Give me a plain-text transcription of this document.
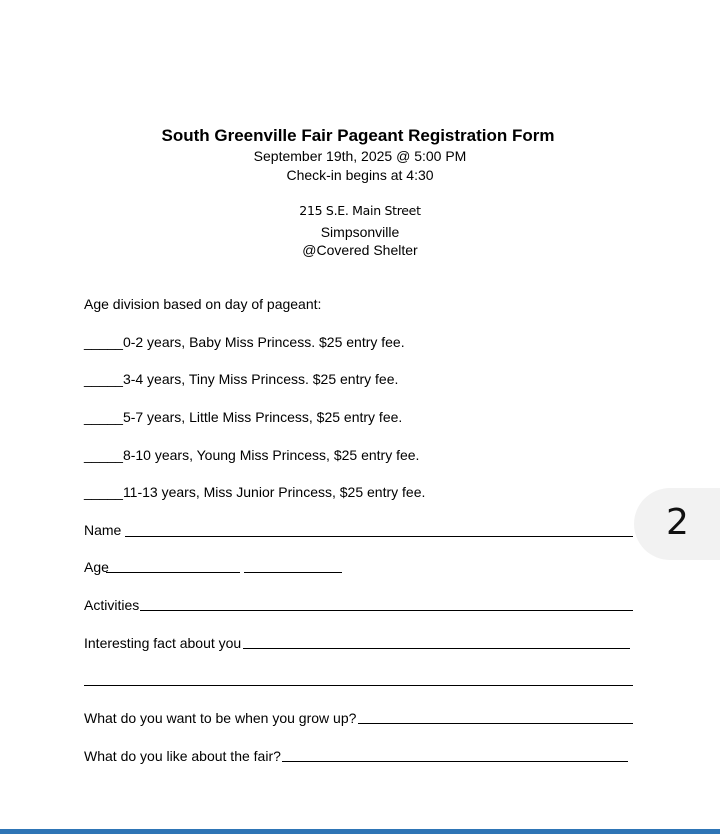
South Greenville Fair Pageant Registration Form
September 19th, 2025 @ 5:00 PM
Check-in begins at 4:30
215 S.E. Main Street
Simpsonville
@Covered Shelter
Age division based on day of pageant:
_____0-2 years, Baby Miss Princess. $25 entry fee.
_____3-4 years, Tiny Miss Princess. $25 entry fee.
_____5-7 years, Little Miss Princess, $25 entry fee.
_____8-10 years, Young Miss Princess, $25 entry fee.
_____11-13 years, Miss Junior Princess, $25 entry fee.
Name
Age
Activities
Interesting fact about you
What do you want to be when you grow up?
What do you like about the fair?
2
